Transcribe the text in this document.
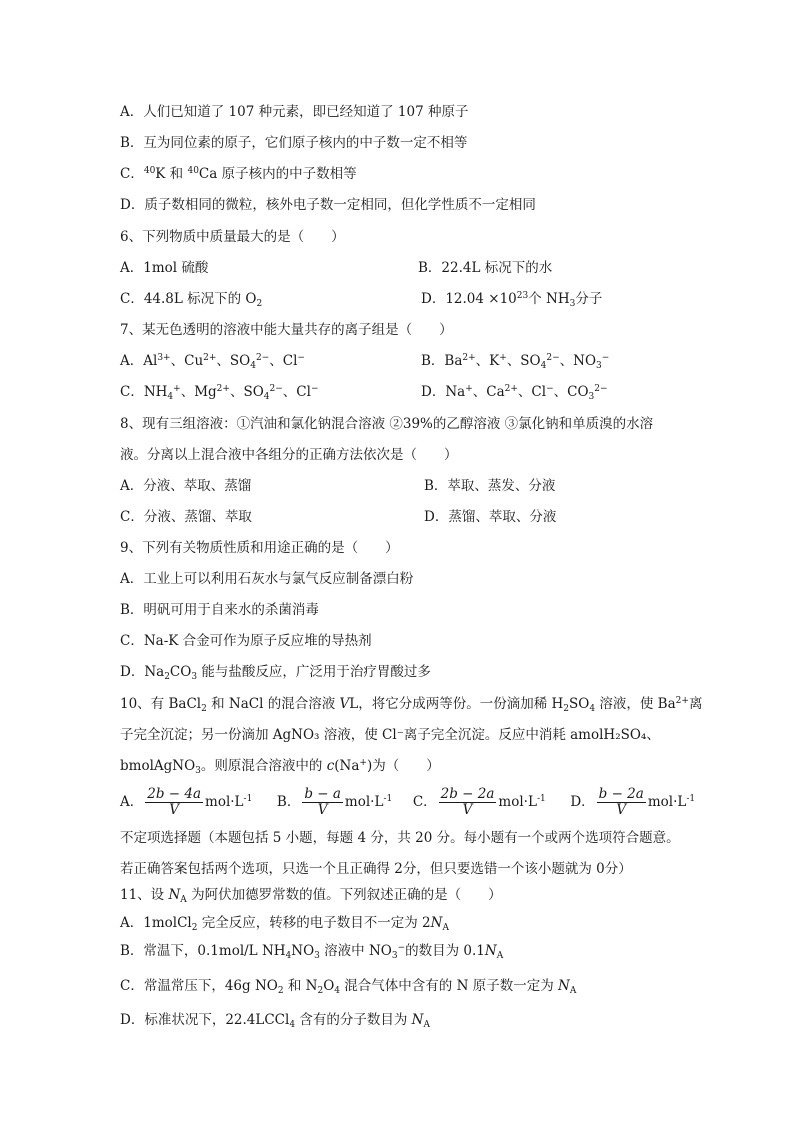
A．人们已知道了 107 种元素，即已经知道了 107 种原子
B．互为同位素的原子，它们原子核内的中子数一定不相等
C．$^{40}$K 和 $^{40}$Ca 原子核内的中子数相等
D．质子数相同的微粒，核外电子数一定相同，但化学性质不一定相同
6、下列物质中质量最大的是（　　）
A．1mol 硫酸	B．22.4L 标况下的水
C．44.8L 标况下的 $O_2$	D．$12.04 \times 10^{23}$个 $NH_3$分子
7、某无色透明的溶液中能大量共存的离子组是（　　）
A．$Al^{3+}$、$Cu^{2+}$、$SO_4^{2-}$、Cl−	B．$Ba^{2+}$、K+、$SO_4^{2-}$、$NO_3^-$
C．$NH_4^+$、$Mg^{2+}$、$SO_4^{2-}$、Cl−	D．Na+、$Ca^{2+}$、Cl−、$CO_3^{2-}$
8、现有三组溶液：①汽油和氯化钠混合溶液 ②39%的乙醇溶液 ③氯化钠和单质溴的水溶
液。分离以上混合液中各组分的正确方法依次是（　　）
A．分液、萃取、蒸馏	B．萃取、蒸发、分液
C．分液、蒸馏、萃取	D．蒸馏、萃取、分液
9、下列有关物质性质和用途正确的是（　　）
A．工业上可以利用石灰水与氯气反应制备漂白粉
B．明矾可用于自来水的杀菌消毒
C．Na-K 合金可作为原子反应堆的导热剂
D．$Na_2CO_3$ 能与盐酸反应，广泛用于治疗胃酸过多
10、有 BaCl$_2$ 和 NaCl 的混合溶液 VL，将它分成两等份。一份滴加稀 $H_2SO_4$ 溶液，使 $Ba^{2+}$离
子完全沉淀；另一份滴加 AgNO₃ 溶液，使 Cl⁻离子完全沉淀。反应中消耗 amolH₂SO₄、
bmolAgNO$_3$。则原混合溶液中的 c(Na+)为（　　）
A． $\frac{2b - 4a}{V} mol\cdot L^{-1}$ B． $\frac{b - a}{V} mol\cdot L^{-1}$ C． $\frac{2b - 2a}{V} mol\cdot L^{-1}$ D． $\frac{b - 2a}{V} mol\cdot L^{-1}$
不定项选择题（本题包括 5 小题，每题 4 分，共 20 分。每小题有一个或两个选项符合题意。
若正确答案包括两个选项，只选一个且正确得 2分，但只要选错一个该小题就为 0分）
11、设 $N_A$ 为阿伏加德罗常数的值。下列叙述正确的是（　　）
A．1molCl$_2$ 完全反应，转移的电子数目不一定为 $2N_A$
B．常温下，0.1mol/L $NH_4NO_3$ 溶液中 $NO_3^-$的数目为 $0.1N_A$
C．常温常压下，46g $NO_2$ 和 $N_2O_4$ 混合气体中含有的 N 原子数一定为 $N_A$
D．标准状况下，22.4LCCl$_4$ 含有的分子数目为 $N_A$
